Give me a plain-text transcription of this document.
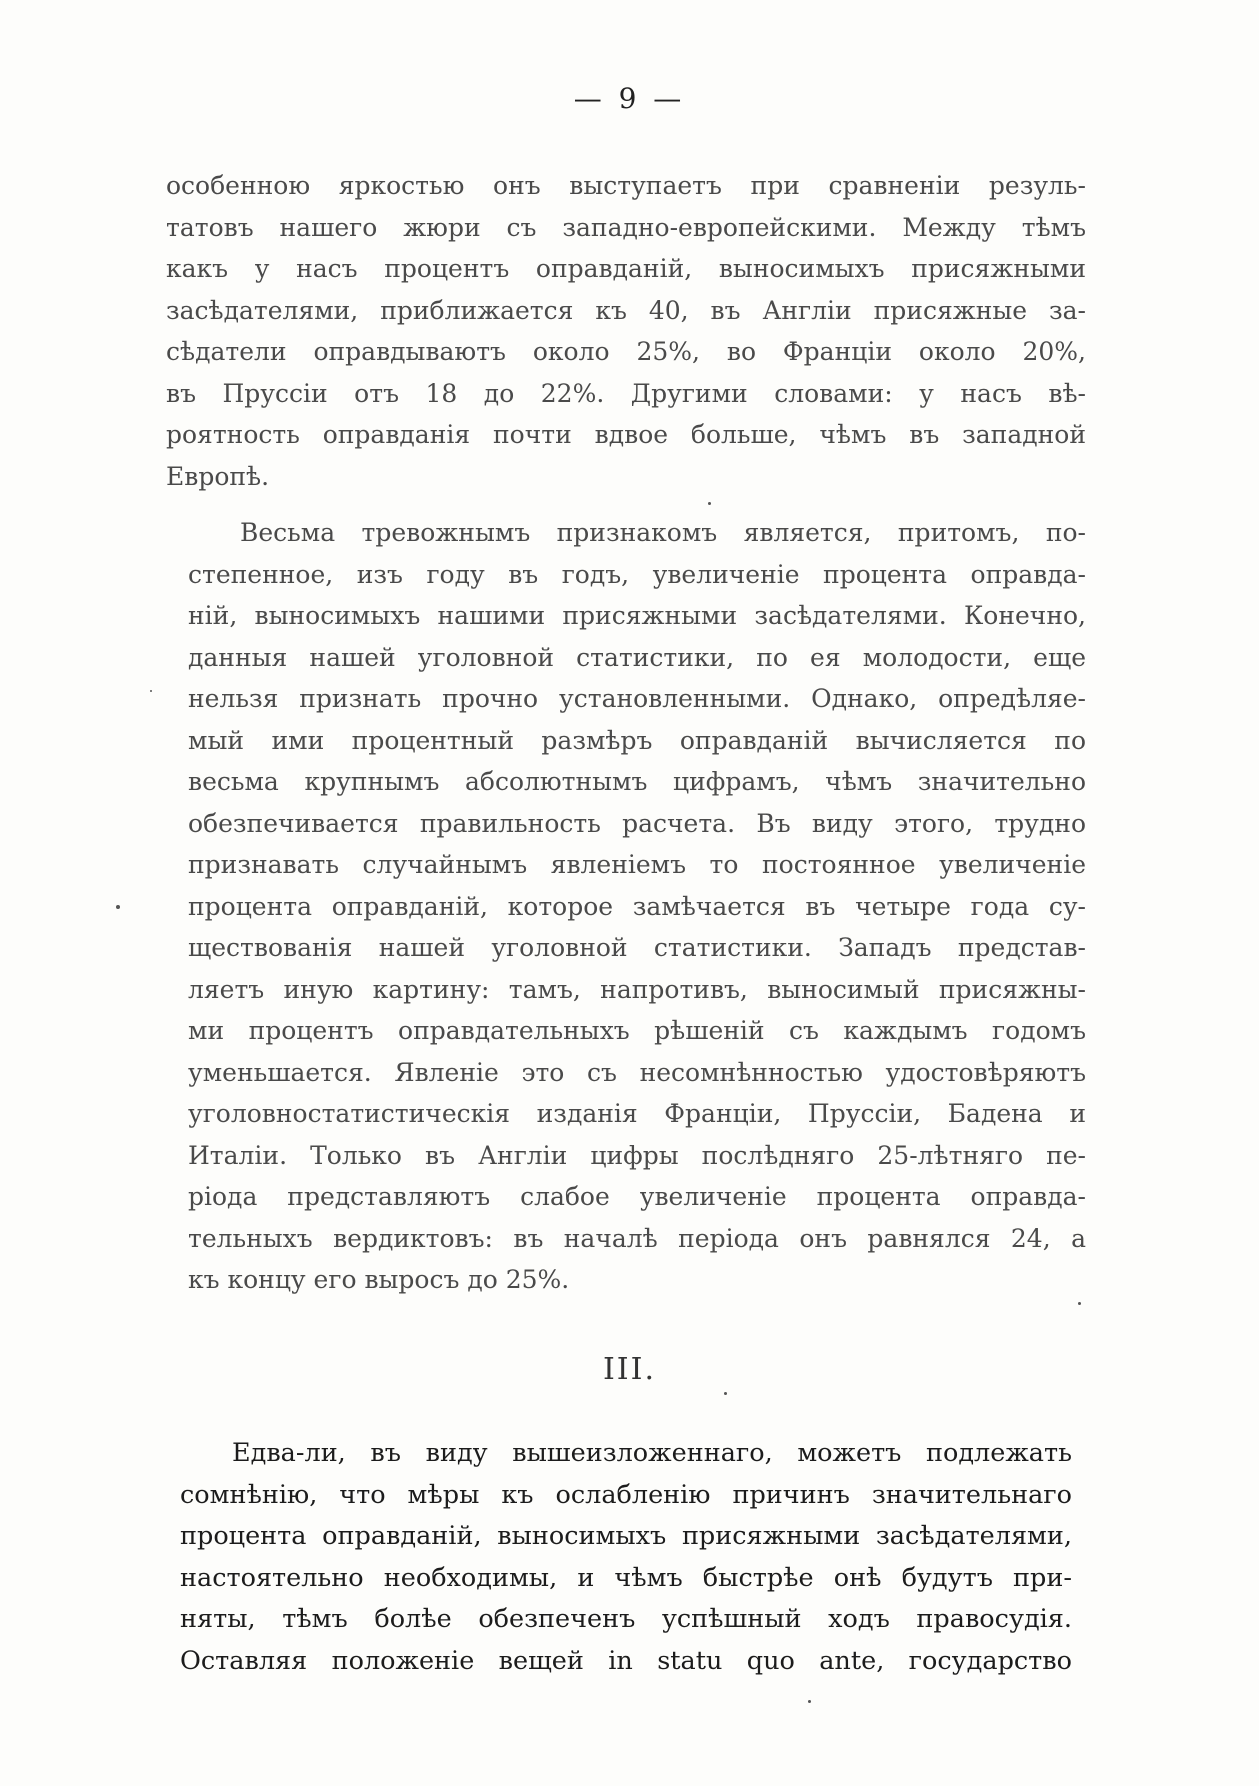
— 9 —
особенною яркостью онъ выступаетъ при сравненіи резуль-
татовъ нашего жюри съ западно-европейскими. Между тѣмъ
какъ у насъ процентъ оправданій, выносимыхъ присяжными
засѣдателями, приближается къ 40, въ Англіи присяжные за-
сѣдатели оправдываютъ около 25%, во Франціи около 20%,
въ Пруссіи отъ 18 до 22%. Другими словами: у насъ вѣ-
роятность оправданія почти вдвое больше, чѣмъ въ западной
Европѣ.
Весьма тревожнымъ признакомъ является, притомъ, по-
степенное, изъ году въ годъ, увеличеніе процента оправда-
ній, выносимыхъ нашими присяжными засѣдателями. Конечно,
данныя нашей уголовной статистики, по ея молодости, еще
нельзя признать прочно установленными. Однако, опредѣляе-
мый ими процентный размѣръ оправданій вычисляется по
весьма крупнымъ абсолютнымъ цифрамъ, чѣмъ значительно
обезпечивается правильность расчета. Въ виду этого, трудно
признавать случайнымъ явленіемъ то постоянное увеличеніе
процента оправданій, которое замѣчается въ четыре года су-
ществованія нашей уголовной статистики. Западъ представ-
ляетъ иную картину: тамъ, напротивъ, выносимый присяжны-
ми процентъ оправдательныхъ рѣшеній съ каждымъ годомъ
уменьшается. Явленіе это съ несомнѣнностью удостовѣряютъ
уголовностатистическія изданія Франціи, Пруссіи, Бадена и
Италіи. Только въ Англіи цифры послѣдняго 25-лѣтняго пе-
ріода представляютъ слабое увеличеніе процента оправда-
тельныхъ вердиктовъ: въ началѣ періода онъ равнялся 24, а
къ концу его выросъ до 25%.
III.
Едва-ли, въ виду вышеизложеннаго, можетъ подлежать
сомнѣнію, что мѣры къ ослабленію причинъ значительнаго
процента оправданій, выносимыхъ присяжными засѣдателями,
настоятельно необходимы, и чѣмъ быстрѣе онѣ будутъ при-
няты, тѣмъ болѣе обезпеченъ успѣшный ходъ правосудія.
Оставляя положеніе вещей in statu quo ante, государство
